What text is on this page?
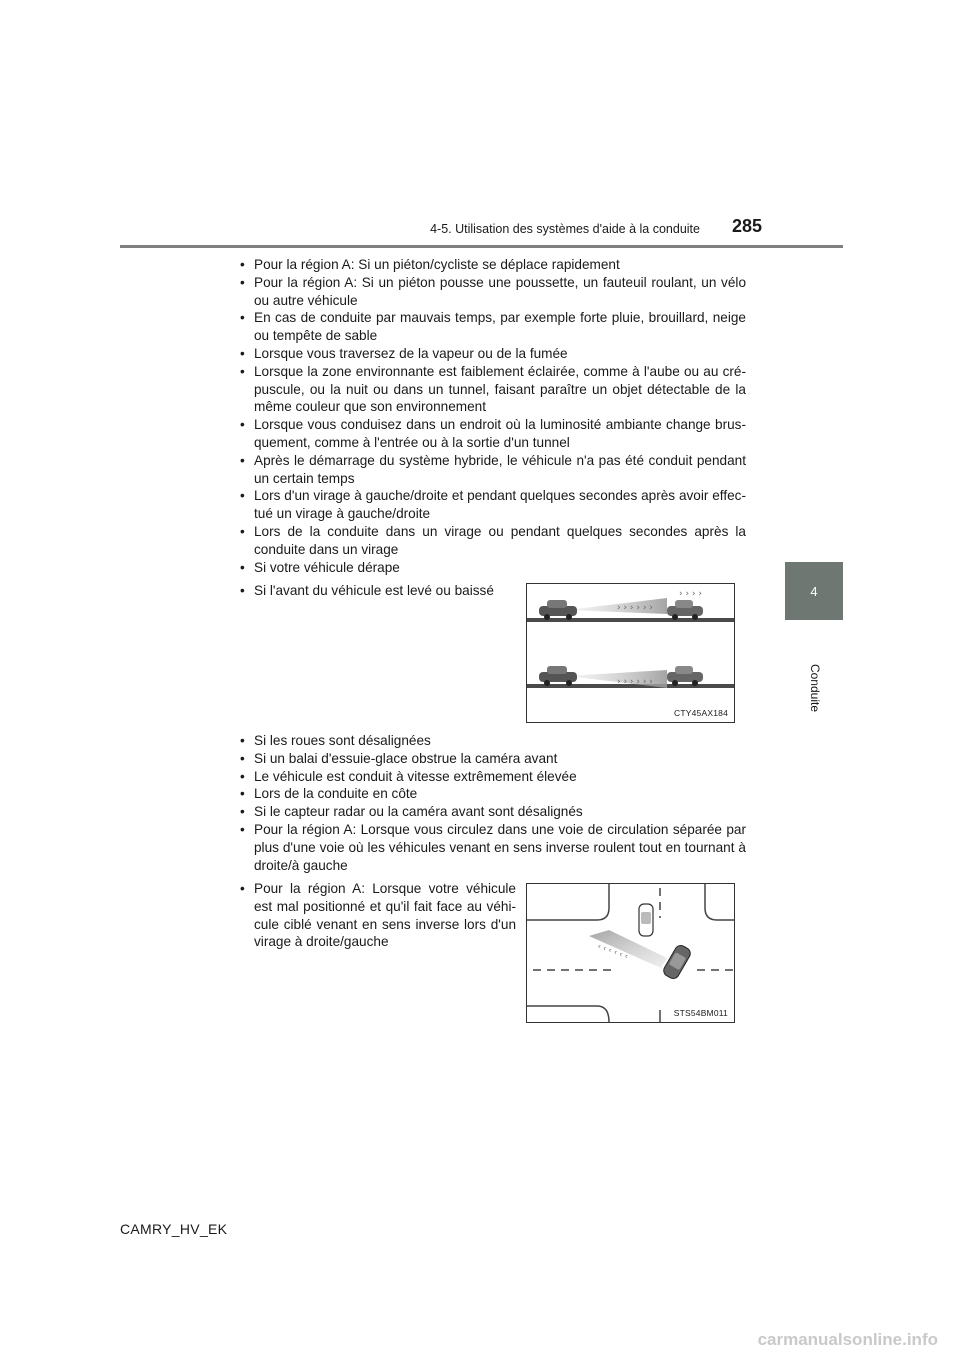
4-5. Utilisation des systèmes d'aide à la conduite 285
4
Conduite
• Pour la région A: Si un piéton/cycliste se déplace rapidement
• Pour la région A: Si un piéton pousse une poussette, un fauteuil roulant, un vélo ou autre véhicule
• En cas de conduite par mauvais temps, par exemple forte pluie, brouillard, neige ou tempête de sable
• Lorsque vous traversez de la vapeur ou de la fumée
• Lorsque la zone environnante est faiblement éclairée, comme à l'aube ou au cré-puscule, ou la nuit ou dans un tunnel, faisant paraître un objet détectable de la même couleur que son environnement
• Lorsque vous conduisez dans un endroit où la luminosité ambiante change brus-quement, comme à l'entrée ou à la sortie d'un tunnel
• Après le démarrage du système hybride, le véhicule n'a pas été conduit pendant un certain temps
• Lors d'un virage à gauche/droite et pendant quelques secondes après avoir effec-tué un virage à gauche/droite
• Lors de la conduite dans un virage ou pendant quelques secondes après la conduite dans un virage
• Si votre véhicule dérape
• Si l'avant du véhicule est levé ou baissé
• Si les roues sont désalignées
• Si un balai d'essuie-glace obstrue la caméra avant
• Le véhicule est conduit à vitesse extrêmement élevée
• Lors de la conduite en côte
• Si le capteur radar ou la caméra avant sont désalignés
• Pour la région A: Lorsque vous circulez dans une voie de circulation séparée par plus d'une voie où les véhicules venant en sens inverse roulent tout en tournant à droite/à gauche
• Pour la région A: Lorsque votre véhicule est mal positionné et qu'il fait face au véhi-cule ciblé venant en sens inverse lors d'un virage à droite/gauche
› › › › › ›
› › › ›
› › › › › ›
CTY45AX184
‹ ‹ ‹ ‹ ‹ ‹
STS54BM011
CAMRY_HV_EK
carmanualsonline.info
